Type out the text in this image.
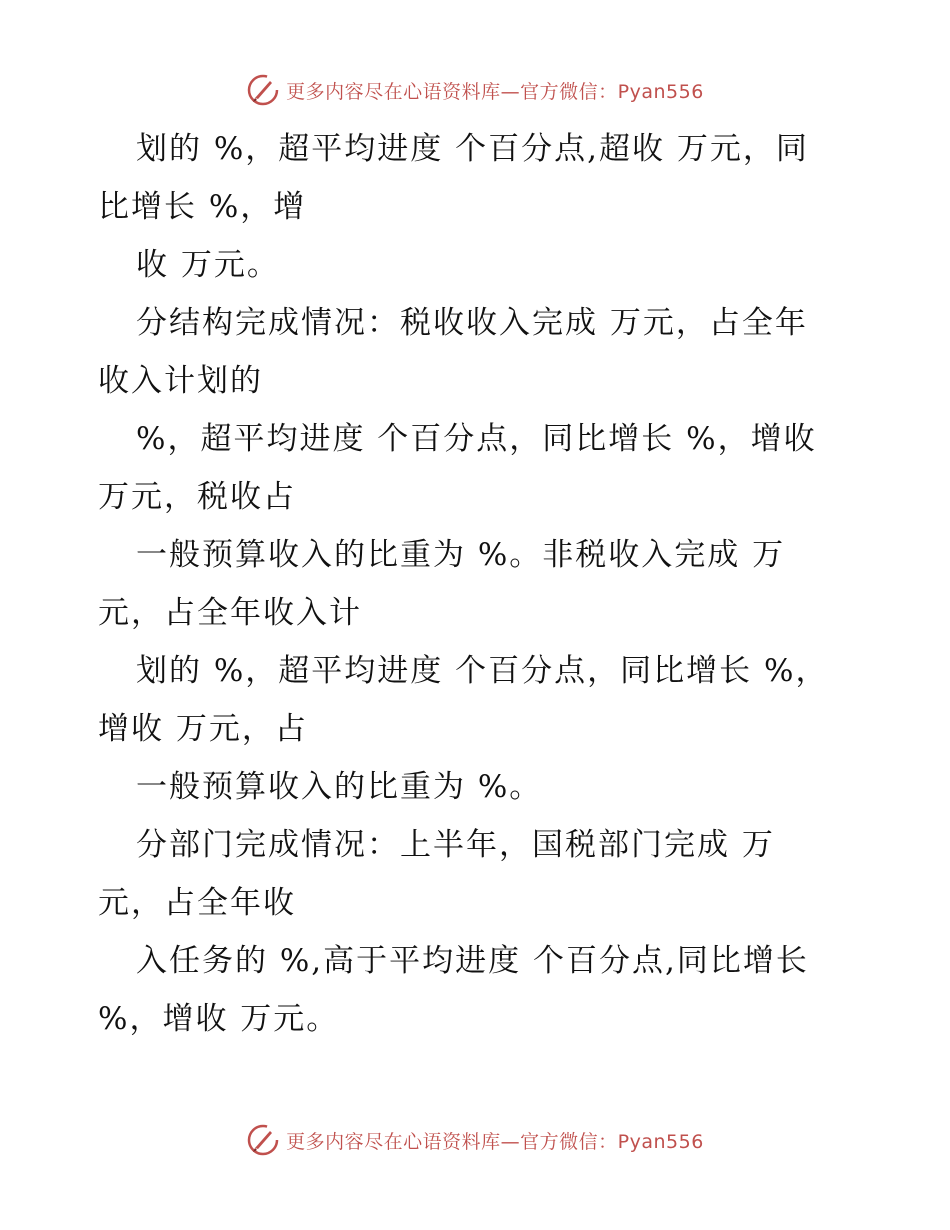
更多内容尽在心语资料库—官方微信：Pyan556
划的 %，超平均进度 个百分点,超收 万元，同
比增长 %，增
收 万元。
分结构完成情况：税收收入完成 万元，占全年
收入计划的
%，超平均进度 个百分点，同比增长 %，增收
万元，税收占
一般预算收入的比重为 %。非税收入完成 万
元，占全年收入计
划的 %，超平均进度 个百分点，同比增长 %，
增收 万元，占
一般预算收入的比重为 %。
分部门完成情况：上半年，国税部门完成 万
元，占全年收
入任务的 %,高于平均进度 个百分点,同比增长
%，增收 万元。
更多内容尽在心语资料库—官方微信：Pyan556
